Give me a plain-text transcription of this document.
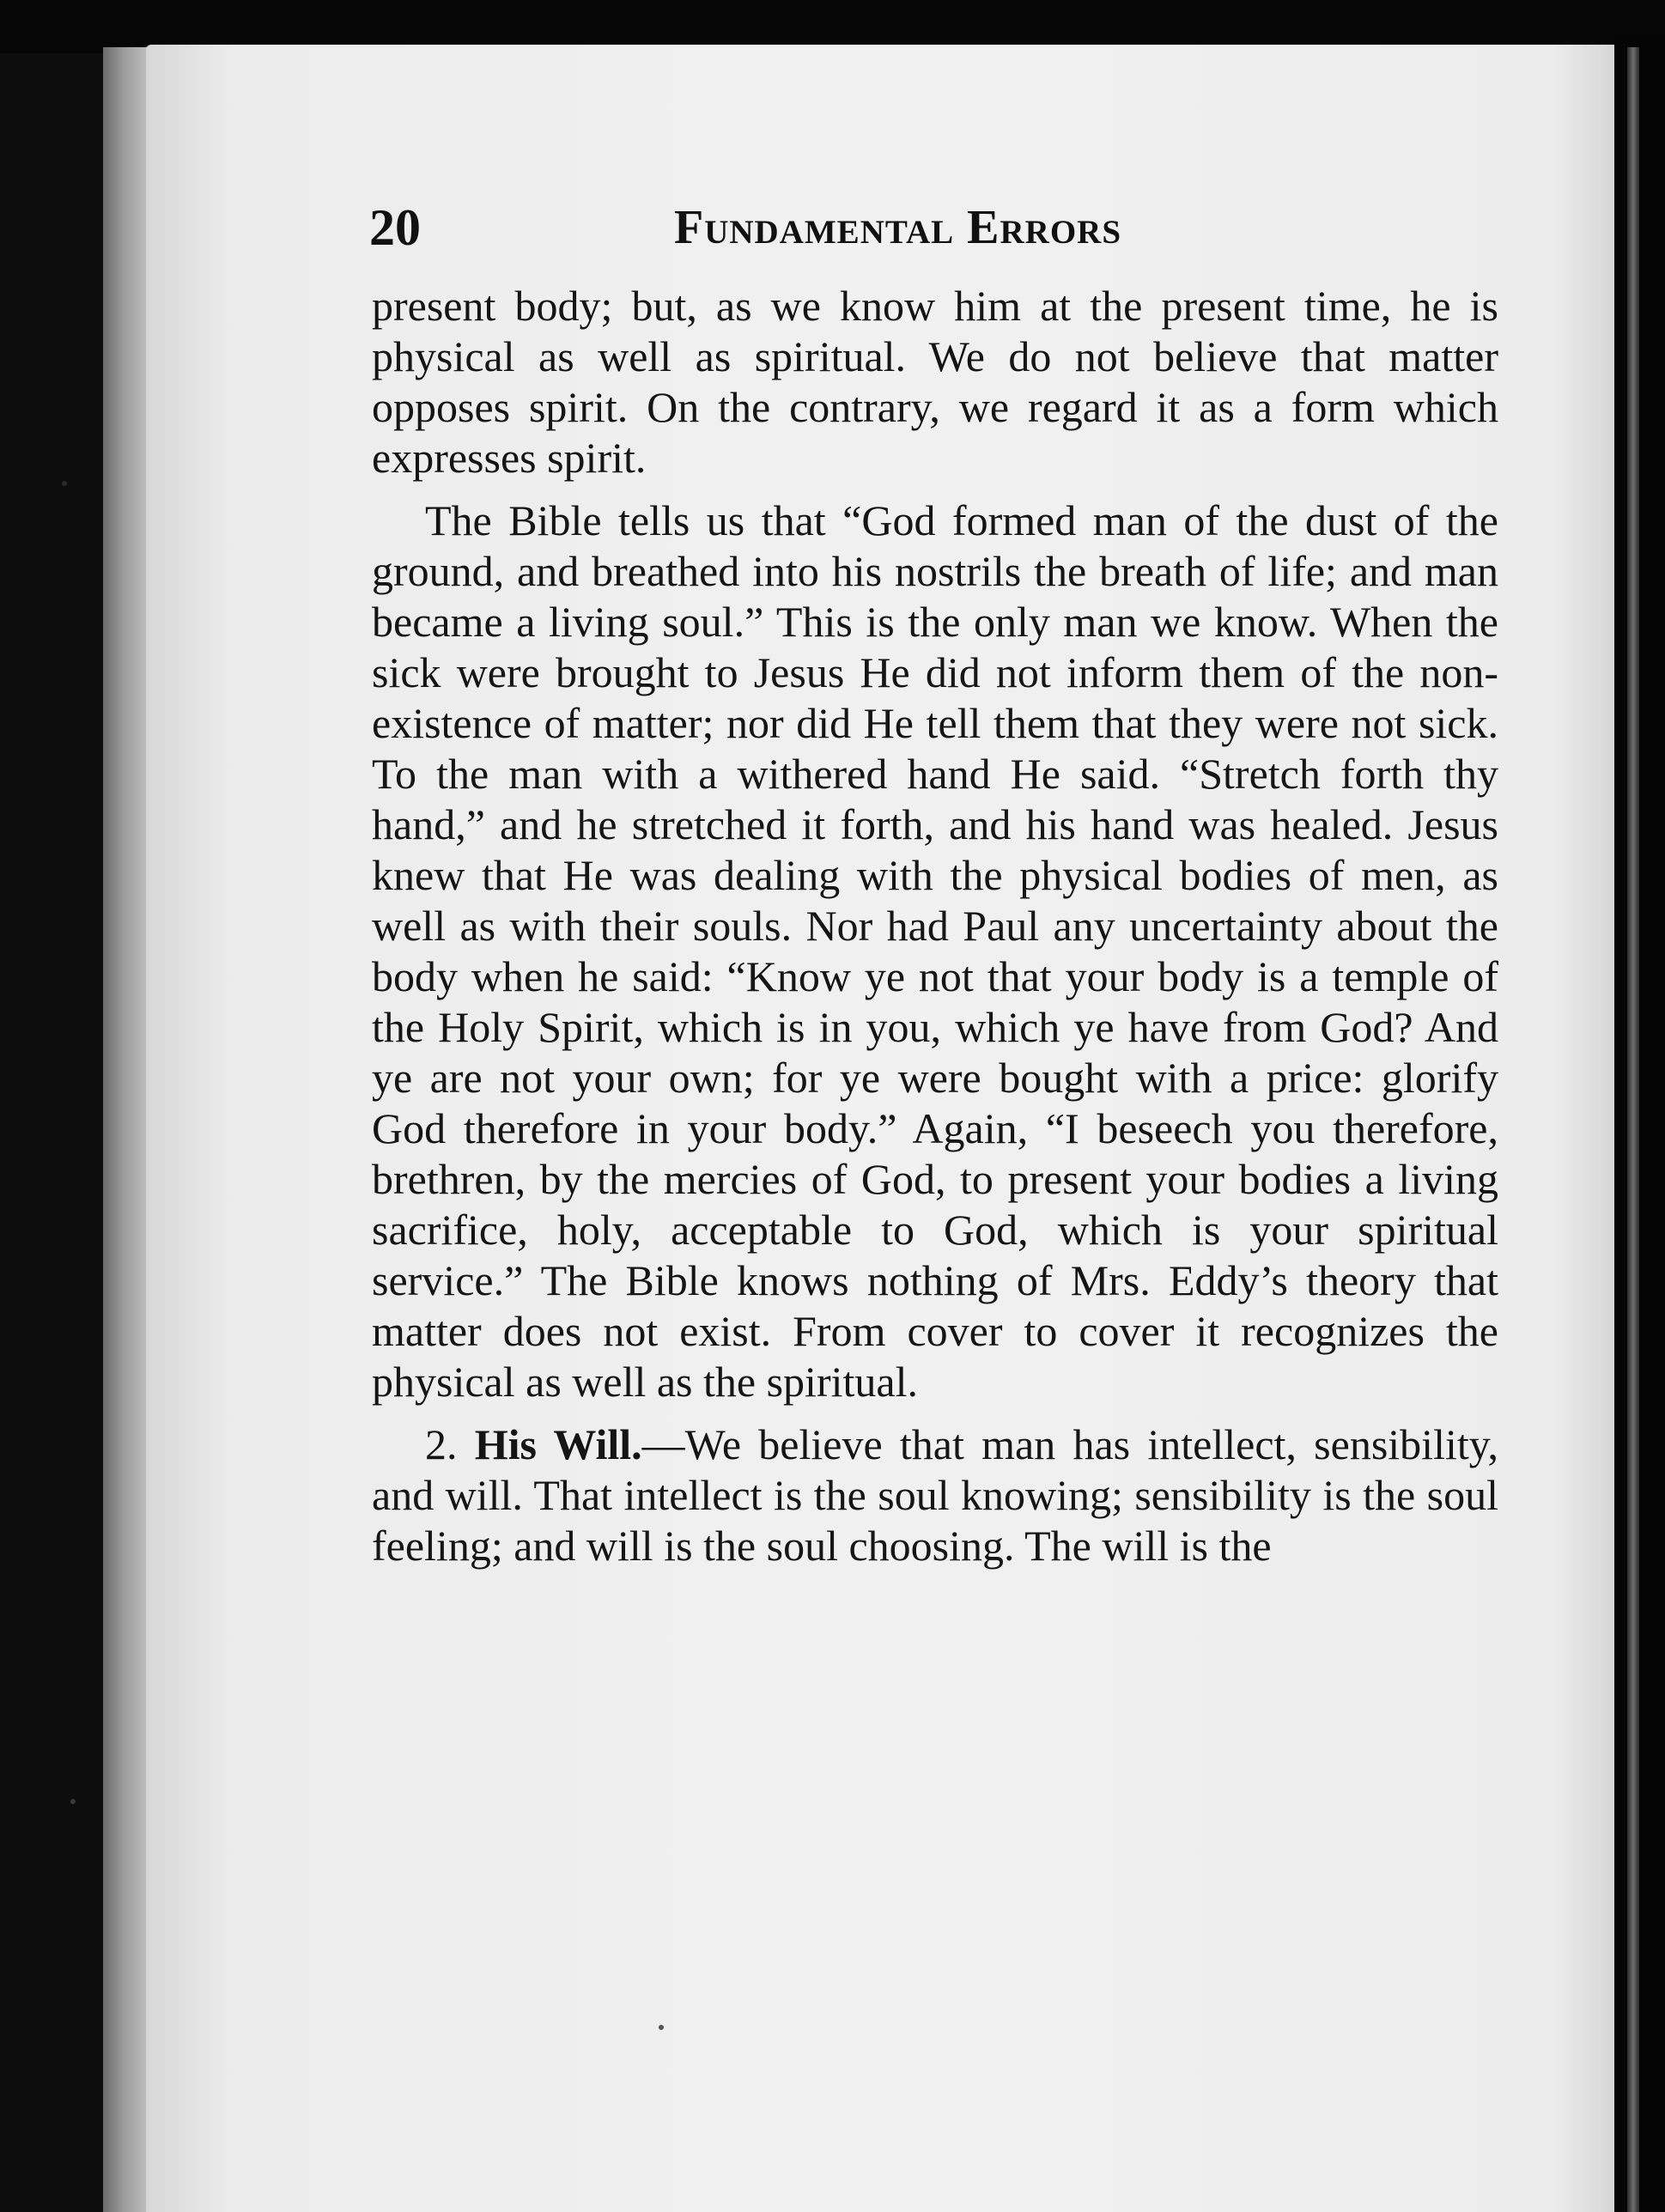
20	Fundamental Errors

present body; but, as we know him at the present time, he is physical as well as spiritual. We do not believe that matter opposes spirit. On the contrary, we regard it as a form which expresses spirit.

The Bible tells us that “God formed man of the dust of the ground, and breathed into his nostrils the breath of life; and man became a living soul.” This is the only man we know. When the sick were brought to Jesus He did not inform them of the non-existence of matter; nor did He tell them that they were not sick. To the man with a withered hand He said. “Stretch forth thy hand,” and he stretched it forth, and his hand was healed. Jesus knew that He was dealing with the physical bodies of men, as well as with their souls. Nor had Paul any uncertainty about the body when he said: “Know ye not that your body is a temple of the Holy Spirit, which is in you, which ye have from God? And ye are not your own; for ye were bought with a price: glorify God therefore in your body.” Again, “I beseech you therefore, brethren, by the mercies of God, to present your bodies a living sacrifice, holy, acceptable to God, which is your spiritual service.” The Bible knows nothing of Mrs. Eddy’s theory that matter does not exist. From cover to cover it recognizes the physical as well as the spiritual.

2. His Will.—We believe that man has intellect, sensibility, and will. That intellect is the soul knowing; sensibility is the soul feeling; and will is the soul choosing. The will is the
